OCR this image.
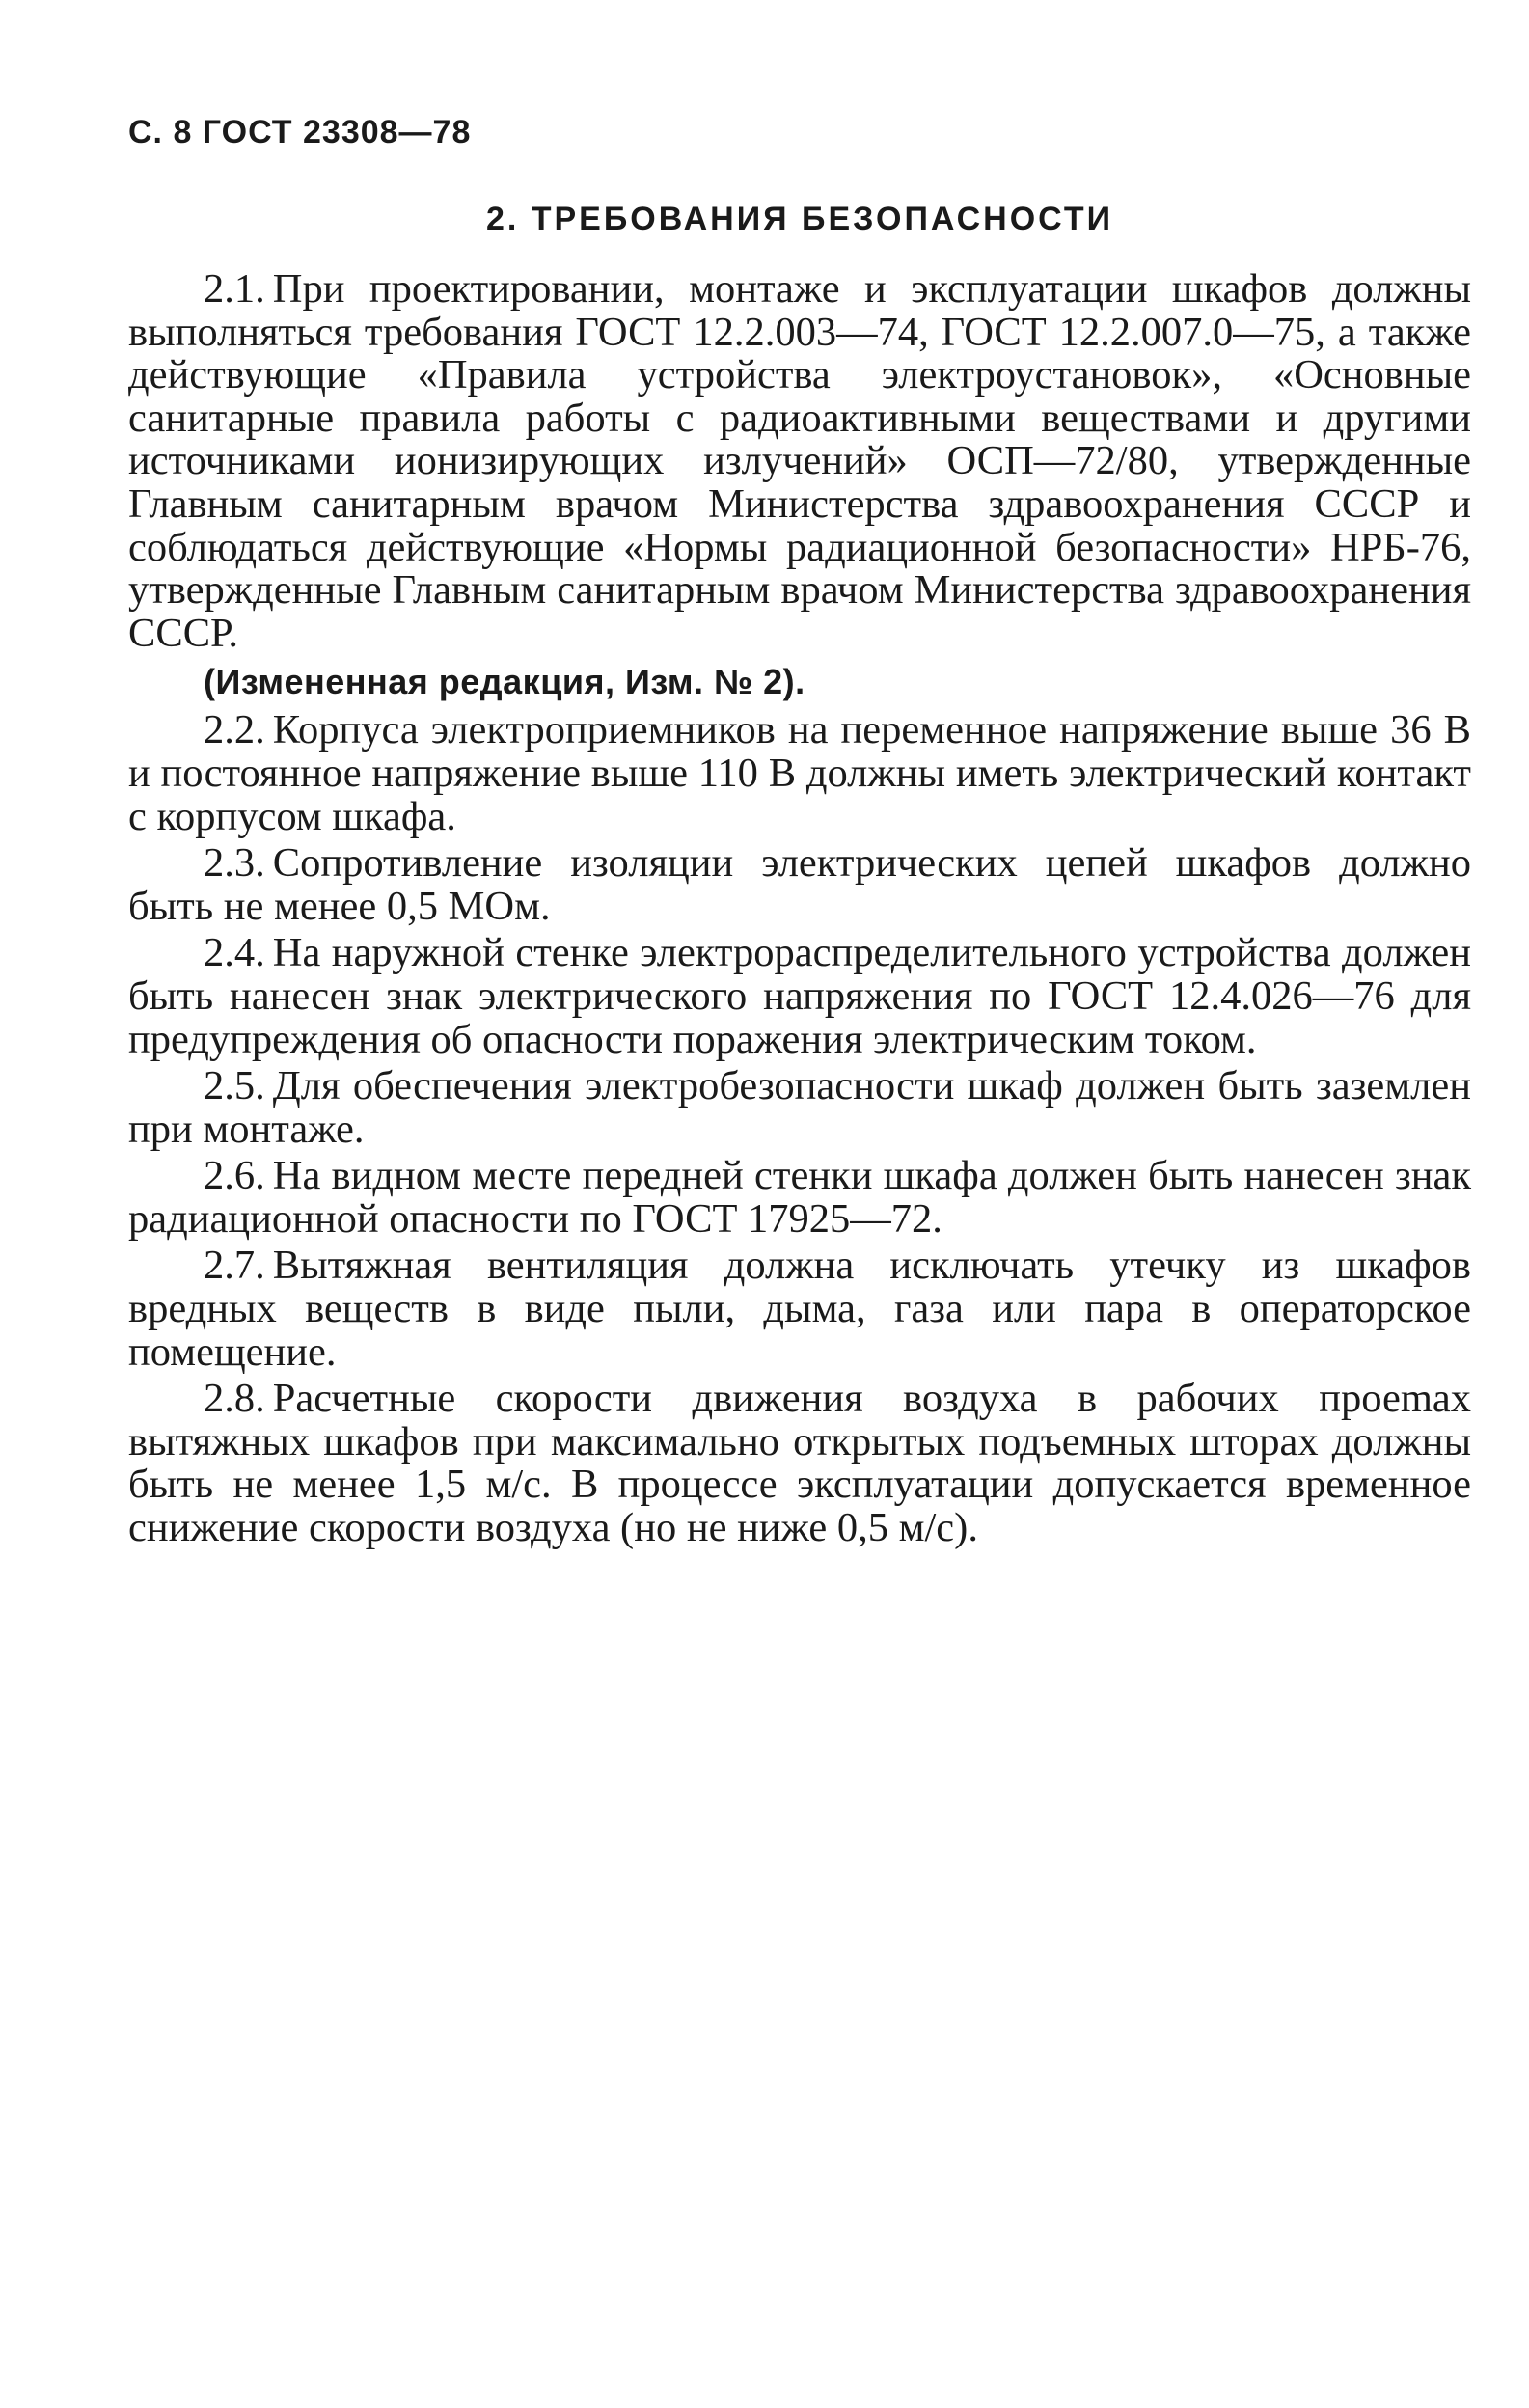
С. 8 ГОСТ 23308—78
2. ТРЕБОВАНИЯ БЕЗОПАСНОСТИ

2.1. При проектировании, монтаже и эксплуатации шкафов должны выполняться требования ГОСТ 12.2.003—74, ГОСТ 12.2.007.0—75, а также действующие «Правила устройства электроустановок», «Основные санитарные правила работы с радиоактивными веществами и другими источниками ионизирующих излучений» ОСП—72/80, утвержденные Главным санитарным врачом Министерства здравоохранения СССР и соблюдаться действующие «Нормы радиационной безопасности» НРБ-76, утвержденные Главным санитарным врачом Министерства здравоохранения СССР.

(Измененная редакция, Изм. № 2).

2.2. Корпуса электроприемников на переменное напряжение выше 36 В и постоянное напряжение выше 110 В должны иметь электрический контакт с корпусом шкафа.

2.3. Сопротивление изоляции электрических цепей шкафов должно быть не менее 0,5 МОм.

2.4. На наружной стенке электрораспределительного устройства должен быть нанесен знак электрического напряжения по ГОСТ 12.4.026—76 для предупреждения об опасности поражения электрическим током.

2.5. Для обеспечения электробезопасности шкаф должен быть заземлен при монтаже.

2.6. На видном месте передней стенки шкафа должен быть нанесен знак радиационной опасности по ГОСТ 17925—72.

2.7. Вытяжная вентиляция должна исключать утечку из шкафов вредных веществ в виде пыли, дыма, газа или пара в операторское помещение.

2.8. Расчетные скорости движения воздуха в рабочих проеmах вытяжных шкафов при максимально открытых подъемных шторах должны быть не менее 1,5 м/с. В процессе эксплуатации допускается временное снижение скорости воздуха (но не ниже 0,5 м/с).
